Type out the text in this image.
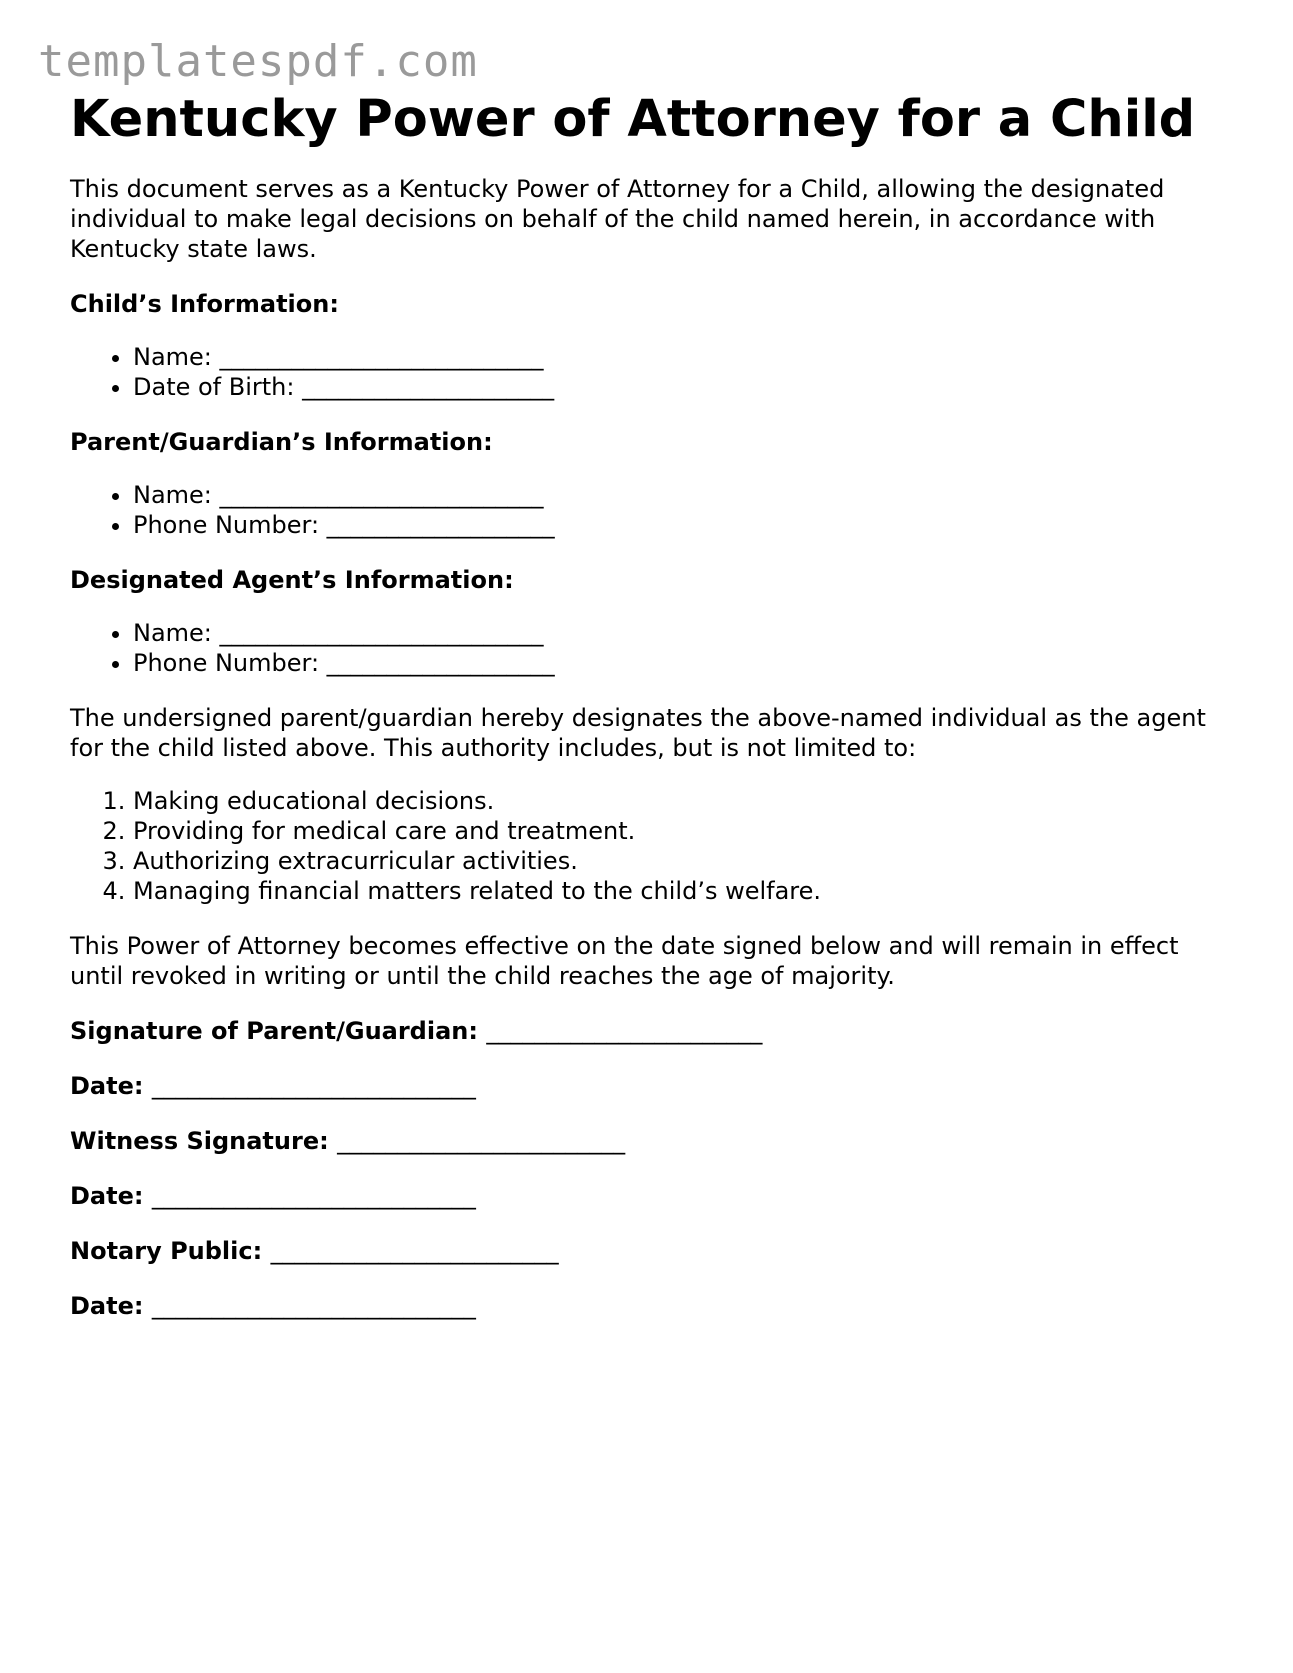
templatespdf.com
Kentucky Power of Attorney for a Child

This document serves as a Kentucky Power of Attorney for a Child, allowing the designated individual to make legal decisions on behalf of the child named herein, in accordance with Kentucky state laws.

Child’s Information:

• Name: ___________________________
• Date of Birth: _____________________

Parent/Guardian’s Information:

• Name: ___________________________
• Phone Number: ___________________

Designated Agent’s Information:

• Name: ___________________________
• Phone Number: ___________________

The undersigned parent/guardian hereby designates the above-named individual as the agent for the child listed above. This authority includes, but is not limited to:

1. Making educational decisions.
2. Providing for medical care and treatment.
3. Authorizing extracurricular activities.
4. Managing financial matters related to the child’s welfare.

This Power of Attorney becomes effective on the date signed below and will remain in effect until revoked in writing or until the child reaches the age of majority.

Signature of Parent/Guardian: _______________________

Date: ___________________________

Witness Signature: ________________________

Date: ___________________________

Notary Public: ________________________

Date: ___________________________
